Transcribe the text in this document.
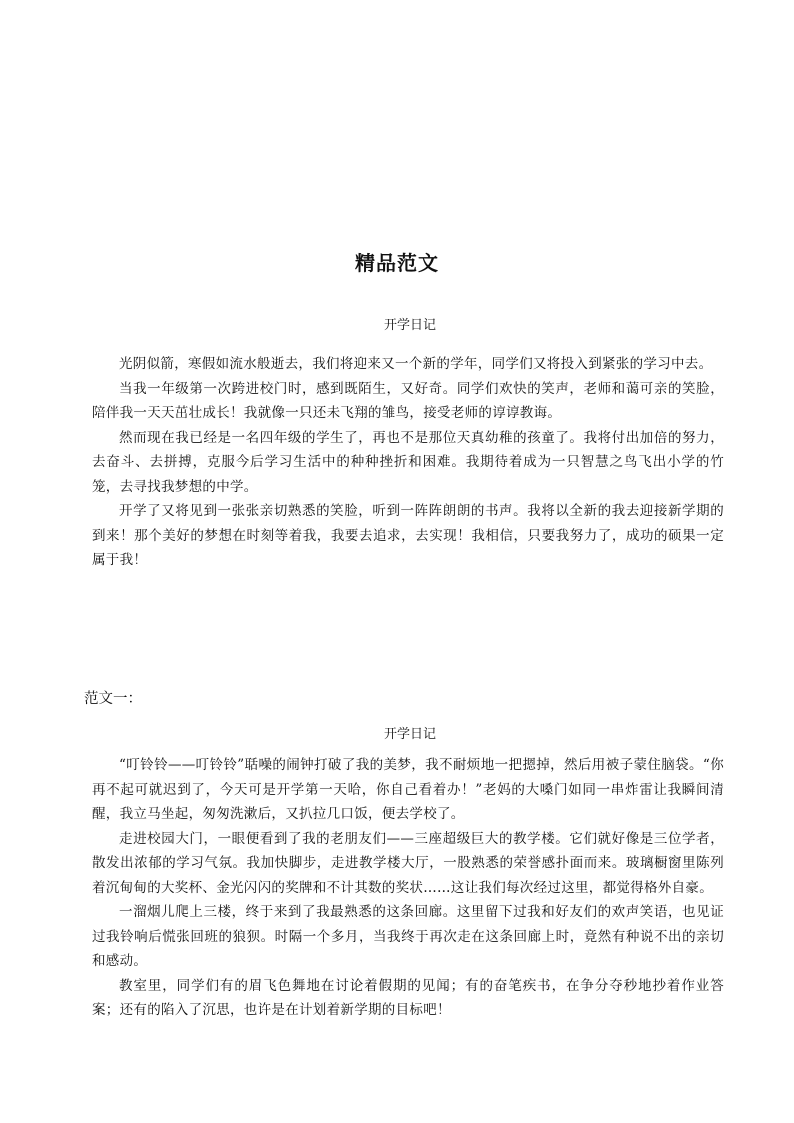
精品范文
开学日记

光阴似箭，寒假如流水般逝去，我们将迎来又一个新的学年，同学们又将投入到紧张的学习中去。

当我一年级第一次跨进校门时，感到既陌生，又好奇。同学们欢快的笑声，老师和蔼可亲的笑脸，陪伴我一天天茁壮成长！我就像一只还未飞翔的雏鸟，接受老师的谆谆教诲。

然而现在我已经是一名四年级的学生了，再也不是那位天真幼稚的孩童了。我将付出加倍的努力，去奋斗、去拼搏，克服今后学习生活中的种种挫折和困难。我期待着成为一只智慧之鸟飞出小学的竹笼，去寻找我梦想的中学。

开学了又将见到一张张亲切熟悉的笑脸，听到一阵阵朗朗的书声。我将以全新的我去迎接新学期的到来！那个美好的梦想在时刻等着我，我要去追求，去实现！我相信，只要我努力了，成功的硕果一定属于我！

范文一：
开学日记

“叮铃铃——叮铃铃”聒噪的闹钟打破了我的美梦，我不耐烦地一把摁掉，然后用被子蒙住脑袋。“你再不起可就迟到了，今天可是开学第一天哈，你自己看着办！”老妈的大嗓门如同一串炸雷让我瞬间清醒，我立马坐起，匆匆洗漱后，又扒拉几口饭，便去学校了。

走进校园大门，一眼便看到了我的老朋友们——三座超级巨大的教学楼。它们就好像是三位学者，散发出浓郁的学习气氛。我加快脚步，走进教学楼大厅，一股熟悉的荣誉感扑面而来。玻璃橱窗里陈列着沉甸甸的大奖杯、金光闪闪的奖牌和不计其数的奖状……这让我们每次经过这里，都觉得格外自豪。

一溜烟儿爬上三楼，终于来到了我最熟悉的这条回廊。这里留下过我和好友们的欢声笑语，也见证过我铃响后慌张回班的狼狈。时隔一个多月，当我终于再次走在这条回廊上时，竟然有种说不出的亲切和感动。

教室里，同学们有的眉飞色舞地在讨论着假期的见闻；有的奋笔疾书，在争分夺秒地抄着作业答案；还有的陷入了沉思，也许是在计划着新学期的目标吧！
